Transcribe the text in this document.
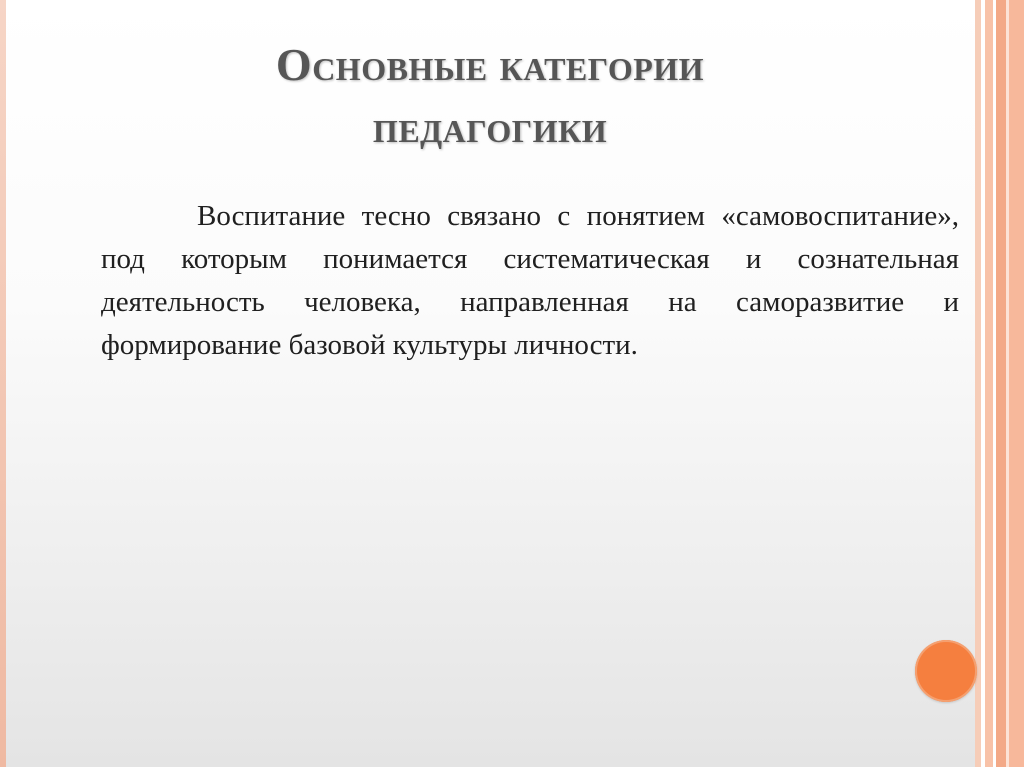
Основные категории
педагогики

Воспитание тесно связано с понятием «самовоспитание», под которым понимается систематическая и сознательная деятельность человека, направленная на саморазвитие и формирование базовой культуры личности.
